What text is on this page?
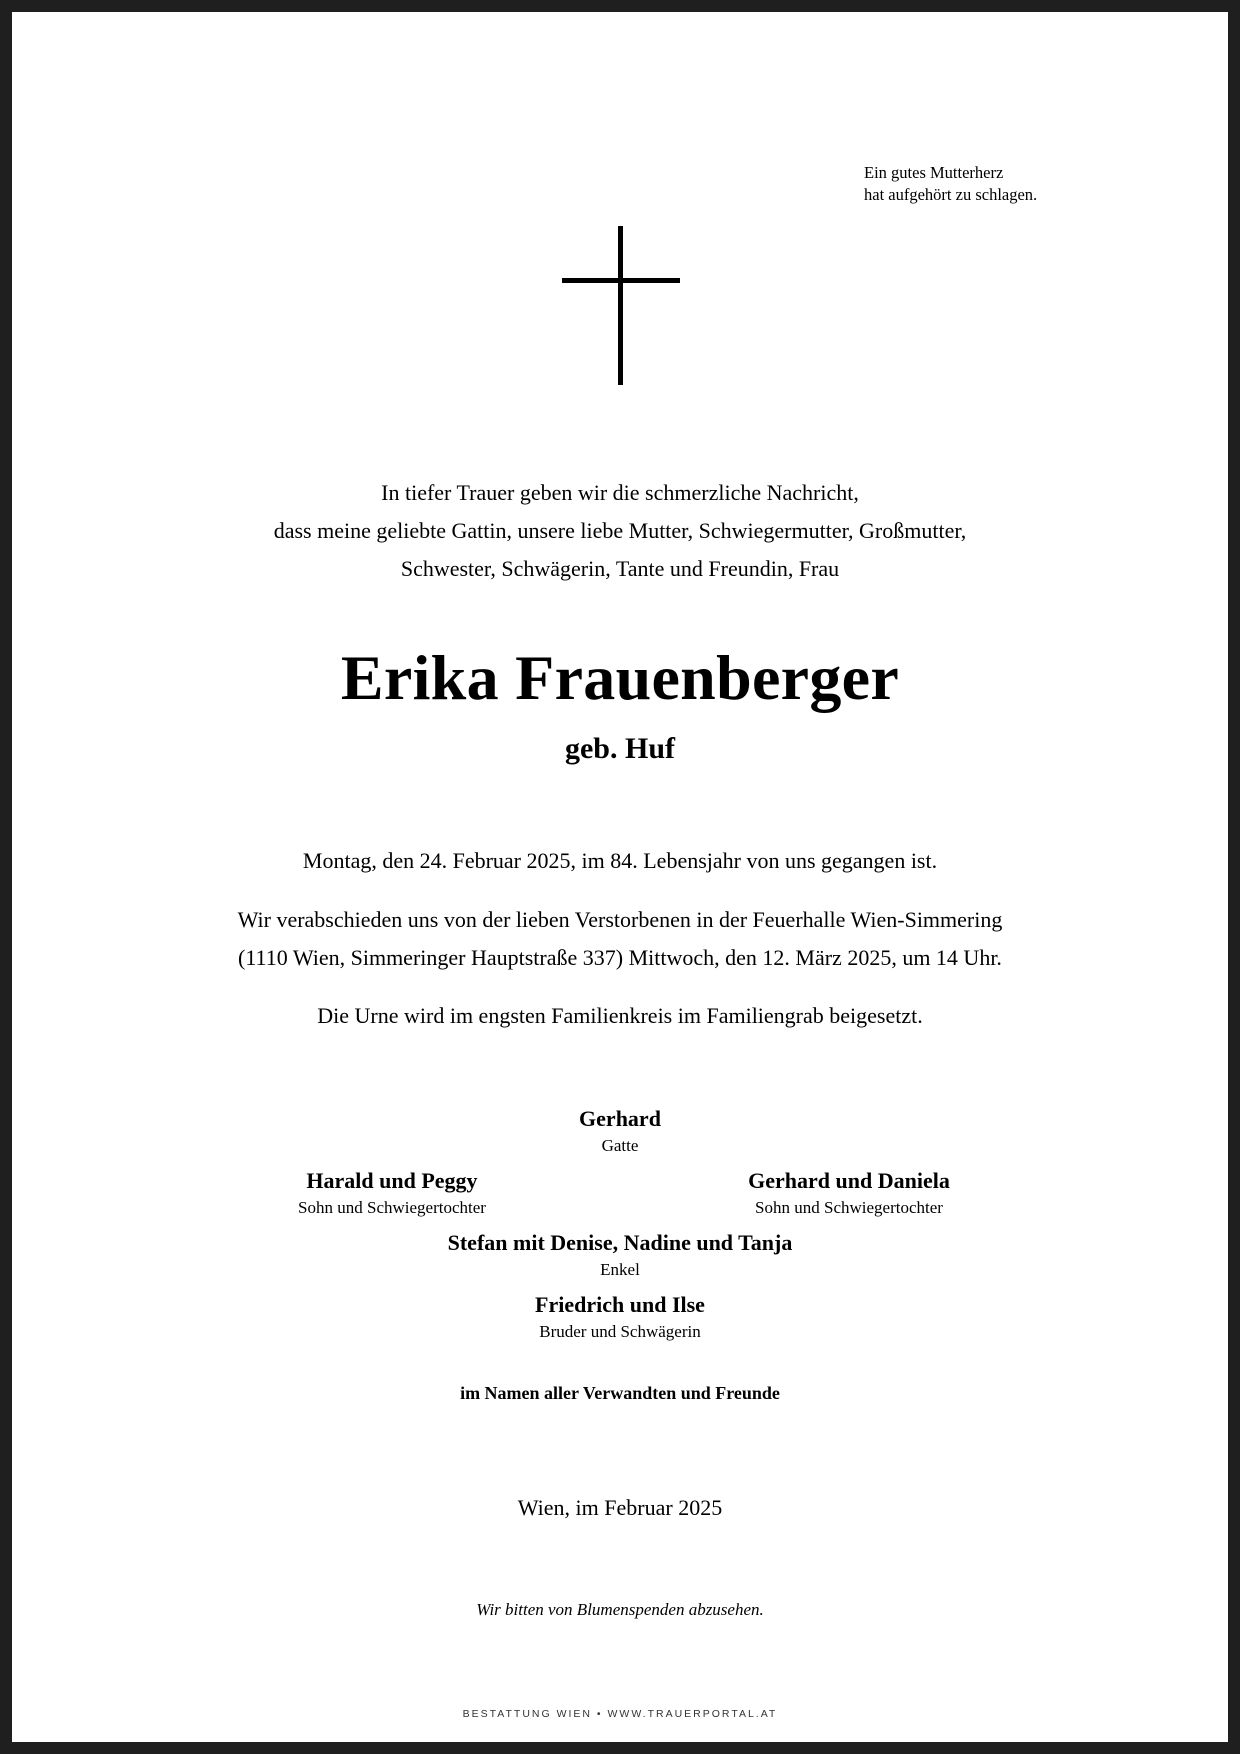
Ein gutes Mutterherz
hat aufgehört zu schlagen.
In tiefer Trauer geben wir die schmerzliche Nachricht,
dass meine geliebte Gattin, unsere liebe Mutter, Schwiegermutter, Großmutter,
Schwester, Schwägerin, Tante und Freundin, Frau
Erika Frauenberger
geb. Huf
Montag, den 24. Februar 2025, im 84. Lebensjahr von uns gegangen ist.
Wir verabschieden uns von der lieben Verstorbenen in der Feuerhalle Wien-Simmering
(1110 Wien, Simmeringer Hauptstraße 337) Mittwoch, den 12. März 2025, um 14 Uhr.
Die Urne wird im engsten Familienkreis im Familiengrab beigesetzt.
Gerhard
Gatte
Harald und Peggy
Sohn und Schwiegertochter
Gerhard und Daniela
Sohn und Schwiegertochter
Stefan mit Denise, Nadine und Tanja
Enkel
Friedrich und Ilse
Bruder und Schwägerin
im Namen aller Verwandten und Freunde
Wien, im Februar 2025
Wir bitten von Blumenspenden abzusehen.
BESTATTUNG WIEN • WWW.TRAUERPORTAL.AT
